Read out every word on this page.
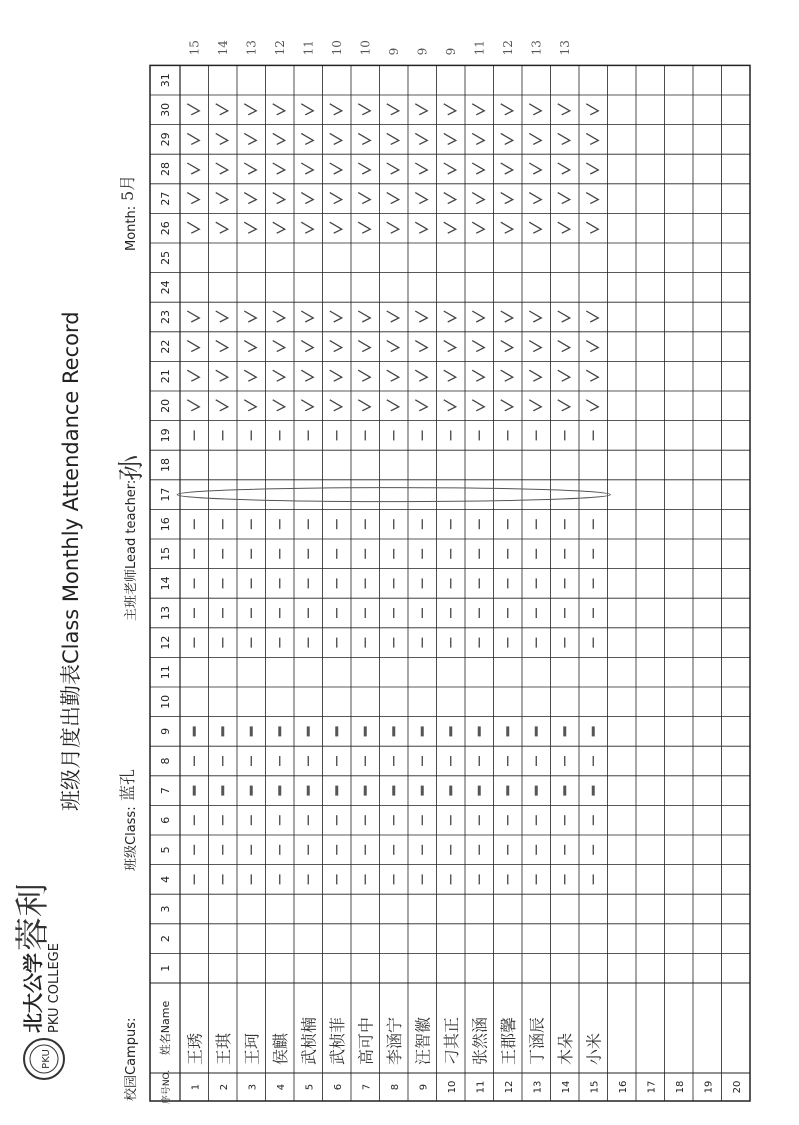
PKU
北大公学 PKU COLLEGE
蓉利
班级月度出勤表Class Monthly Attendance Record
校园Campus:
班级Class:
蓝孔
主班老师Lead teacher:
孙
Month:
5月
序号NO.
姓名Name
1
2
3
4
5
6
7
8
9
10
11
12
13
14
15
16
17
18
19
20
21
22
23
24
25
26
27
28
29
30
31
1
王琇
2
王琪
3
王珂
4
侯麒
5
武桢楠
6
武桢菲
7
高可中
8
李涵宁
9
汪智徽
10
刁其正
11
张然涵
12
王郡馨
13
丁涵辰
14
木朵
15
小米
16 17 18 19 20
15 14 13 12 11 10 10 9 9 9 11 12 13 13
